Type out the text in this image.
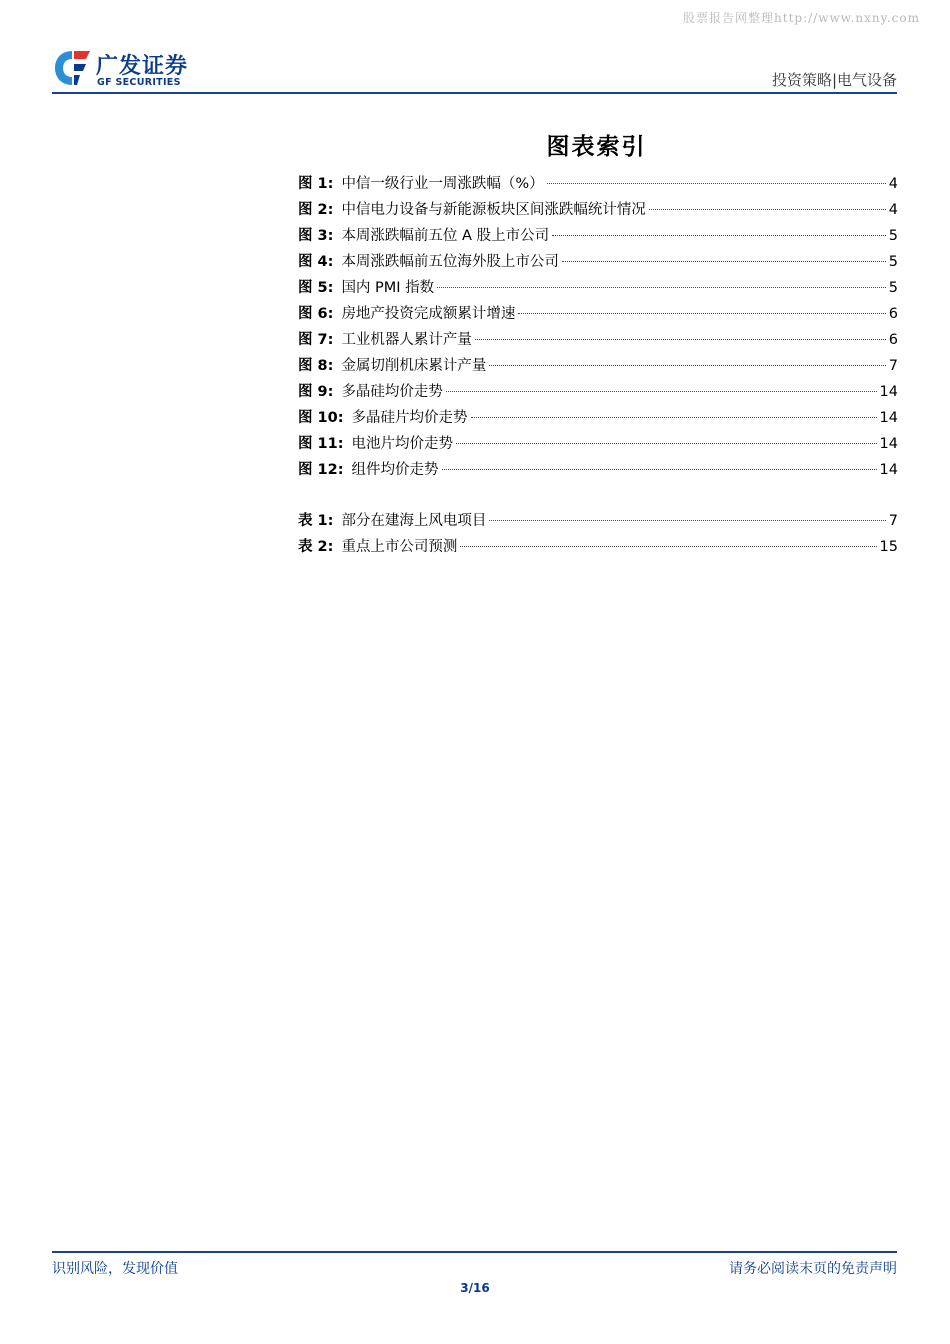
股票报告网整理http://www.nxny.com
广发证券
GF SECURITIES	投资策略|电气设备
图表索引
图 1: 中信一级行业一周涨跌幅（%）	4
图 2: 中信电力设备与新能源板块区间涨跌幅统计情况	4
图 3: 本周涨跌幅前五位 A 股上市公司	5
图 4: 本周涨跌幅前五位海外股上市公司	5
图 5: 国内 PMI 指数	5
图 6: 房地产投资完成额累计增速	6
图 7: 工业机器人累计产量	6
图 8: 金属切削机床累计产量	7
图 9: 多晶硅均价走势	14
图 10: 多晶硅片均价走势	14
图 11: 电池片均价走势	14
图 12: 组件均价走势	14
表 1: 部分在建海上风电项目	7
表 2: 重点上市公司预测	15
识别风险，发现价值	请务必阅读末页的免责声明
3/16
